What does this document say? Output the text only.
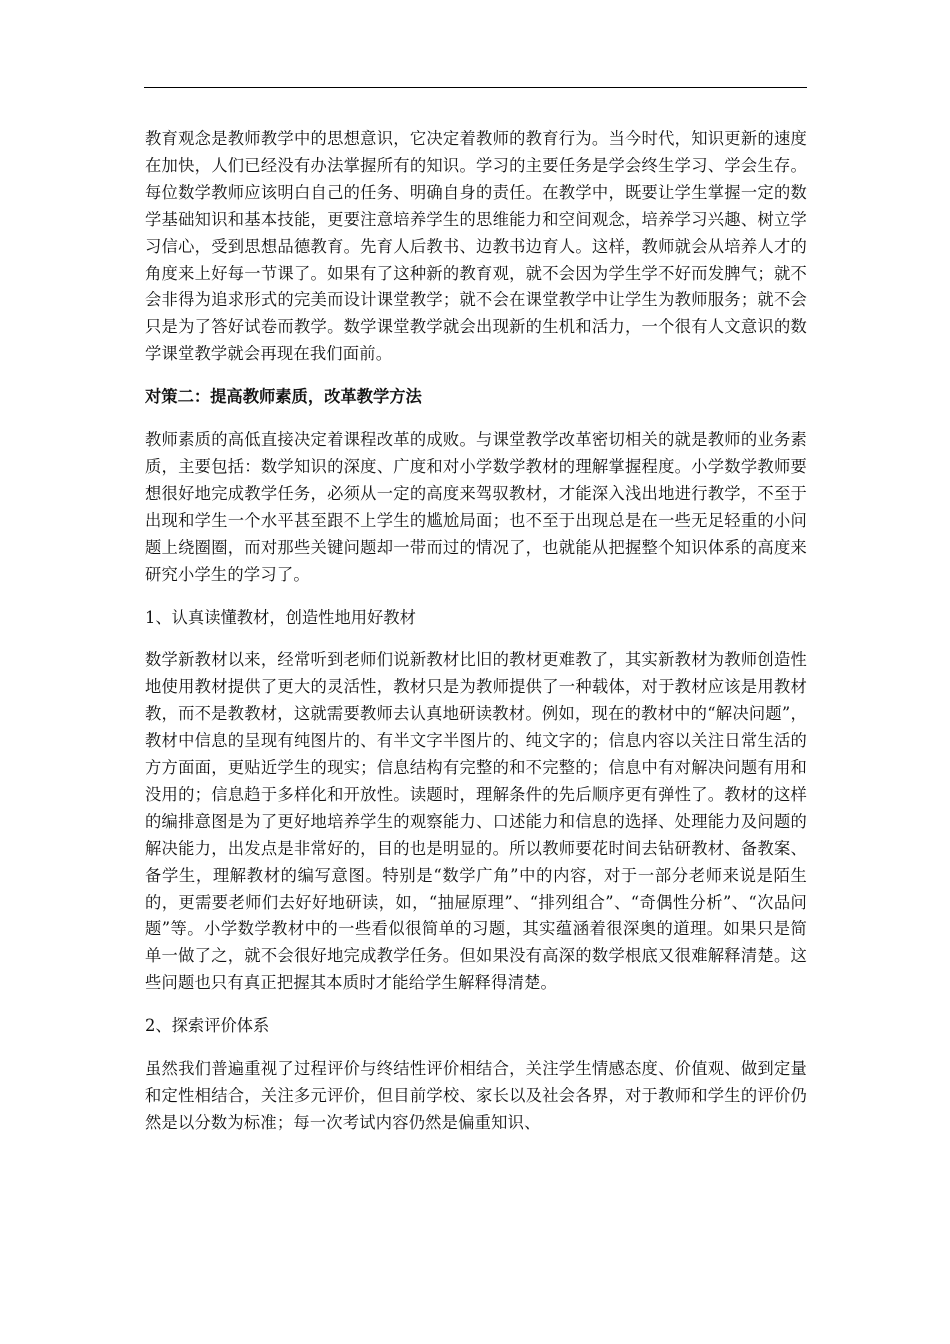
教育观念是教师教学中的思想意识，它决定着教师的教育行为。当今时代，知识更新的速度在加快，人们已经没有办法掌握所有的知识。学习的主要任务是学会终生学习、学会生存。每位数学教师应该明白自己的任务、明确自身的责任。在教学中，既要让学生掌握一定的数学基础知识和基本技能，更要注意培养学生的思维能力和空间观念，培养学习兴趣、树立学习信心，受到思想品德教育。先育人后教书、边教书边育人。这样，教师就会从培养人才的角度来上好每一节课了。如果有了这种新的教育观，就不会因为学生学不好而发脾气；就不会非得为追求形式的完美而设计课堂教学；就不会在课堂教学中让学生为教师服务；就不会只是为了答好试卷而教学。数学课堂教学就会出现新的生机和活力，一个很有人文意识的数学课堂教学就会再现在我们面前。

对策二：提高教师素质，改革教学方法

教师素质的高低直接决定着课程改革的成败。与课堂教学改革密切相关的就是教师的业务素质，主要包括：数学知识的深度、广度和对小学数学教材的理解掌握程度。小学数学教师要想很好地完成教学任务，必须从一定的高度来驾驭教材，才能深入浅出地进行教学，不至于出现和学生一个水平甚至跟不上学生的尴尬局面；也不至于出现总是在一些无足轻重的小问题上绕圈圈，而对那些关键问题却一带而过的情况了，也就能从把握整个知识体系的高度来研究小学生的学习了。

1、认真读懂教材，创造性地用好教材

数学新教材以来，经常听到老师们说新教材比旧的教材更难教了，其实新教材为教师创造性地使用教材提供了更大的灵活性，教材只是为教师提供了一种载体，对于教材应该是用教材教，而不是教教材，这就需要教师去认真地研读教材。例如，现在的教材中的“解决问题”，教材中信息的呈现有纯图片的、有半文字半图片的、纯文字的；信息内容以关注日常生活的方方面面，更贴近学生的现实；信息结构有完整的和不完整的；信息中有对解决问题有用和没用的；信息趋于多样化和开放性。读题时，理解条件的先后顺序更有弹性了。教材的这样的编排意图是为了更好地培养学生的观察能力、口述能力和信息的选择、处理能力及问题的解决能力，出发点是非常好的，目的也是明显的。所以教师要花时间去钻研教材、备教案、备学生，理解教材的编写意图。特别是“数学广角”中的内容，对于一部分老师来说是陌生的，更需要老师们去好好地研读，如，“抽屉原理”、“排列组合”、“奇偶性分析”、“次品问题”等。小学数学教材中的一些看似很简单的习题，其实蕴涵着很深奥的道理。如果只是简单一做了之，就不会很好地完成教学任务。但如果没有高深的数学根底又很难解释清楚。这些问题也只有真正把握其本质时才能给学生解释得清楚。

2、探索评价体系

虽然我们普遍重视了过程评价与终结性评价相结合，关注学生情感态度、价值观、做到定量和定性相结合，关注多元评价，但目前学校、家长以及社会各界，对于教师和学生的评价仍然是以分数为标准；每一次考试内容仍然是偏重知识、
